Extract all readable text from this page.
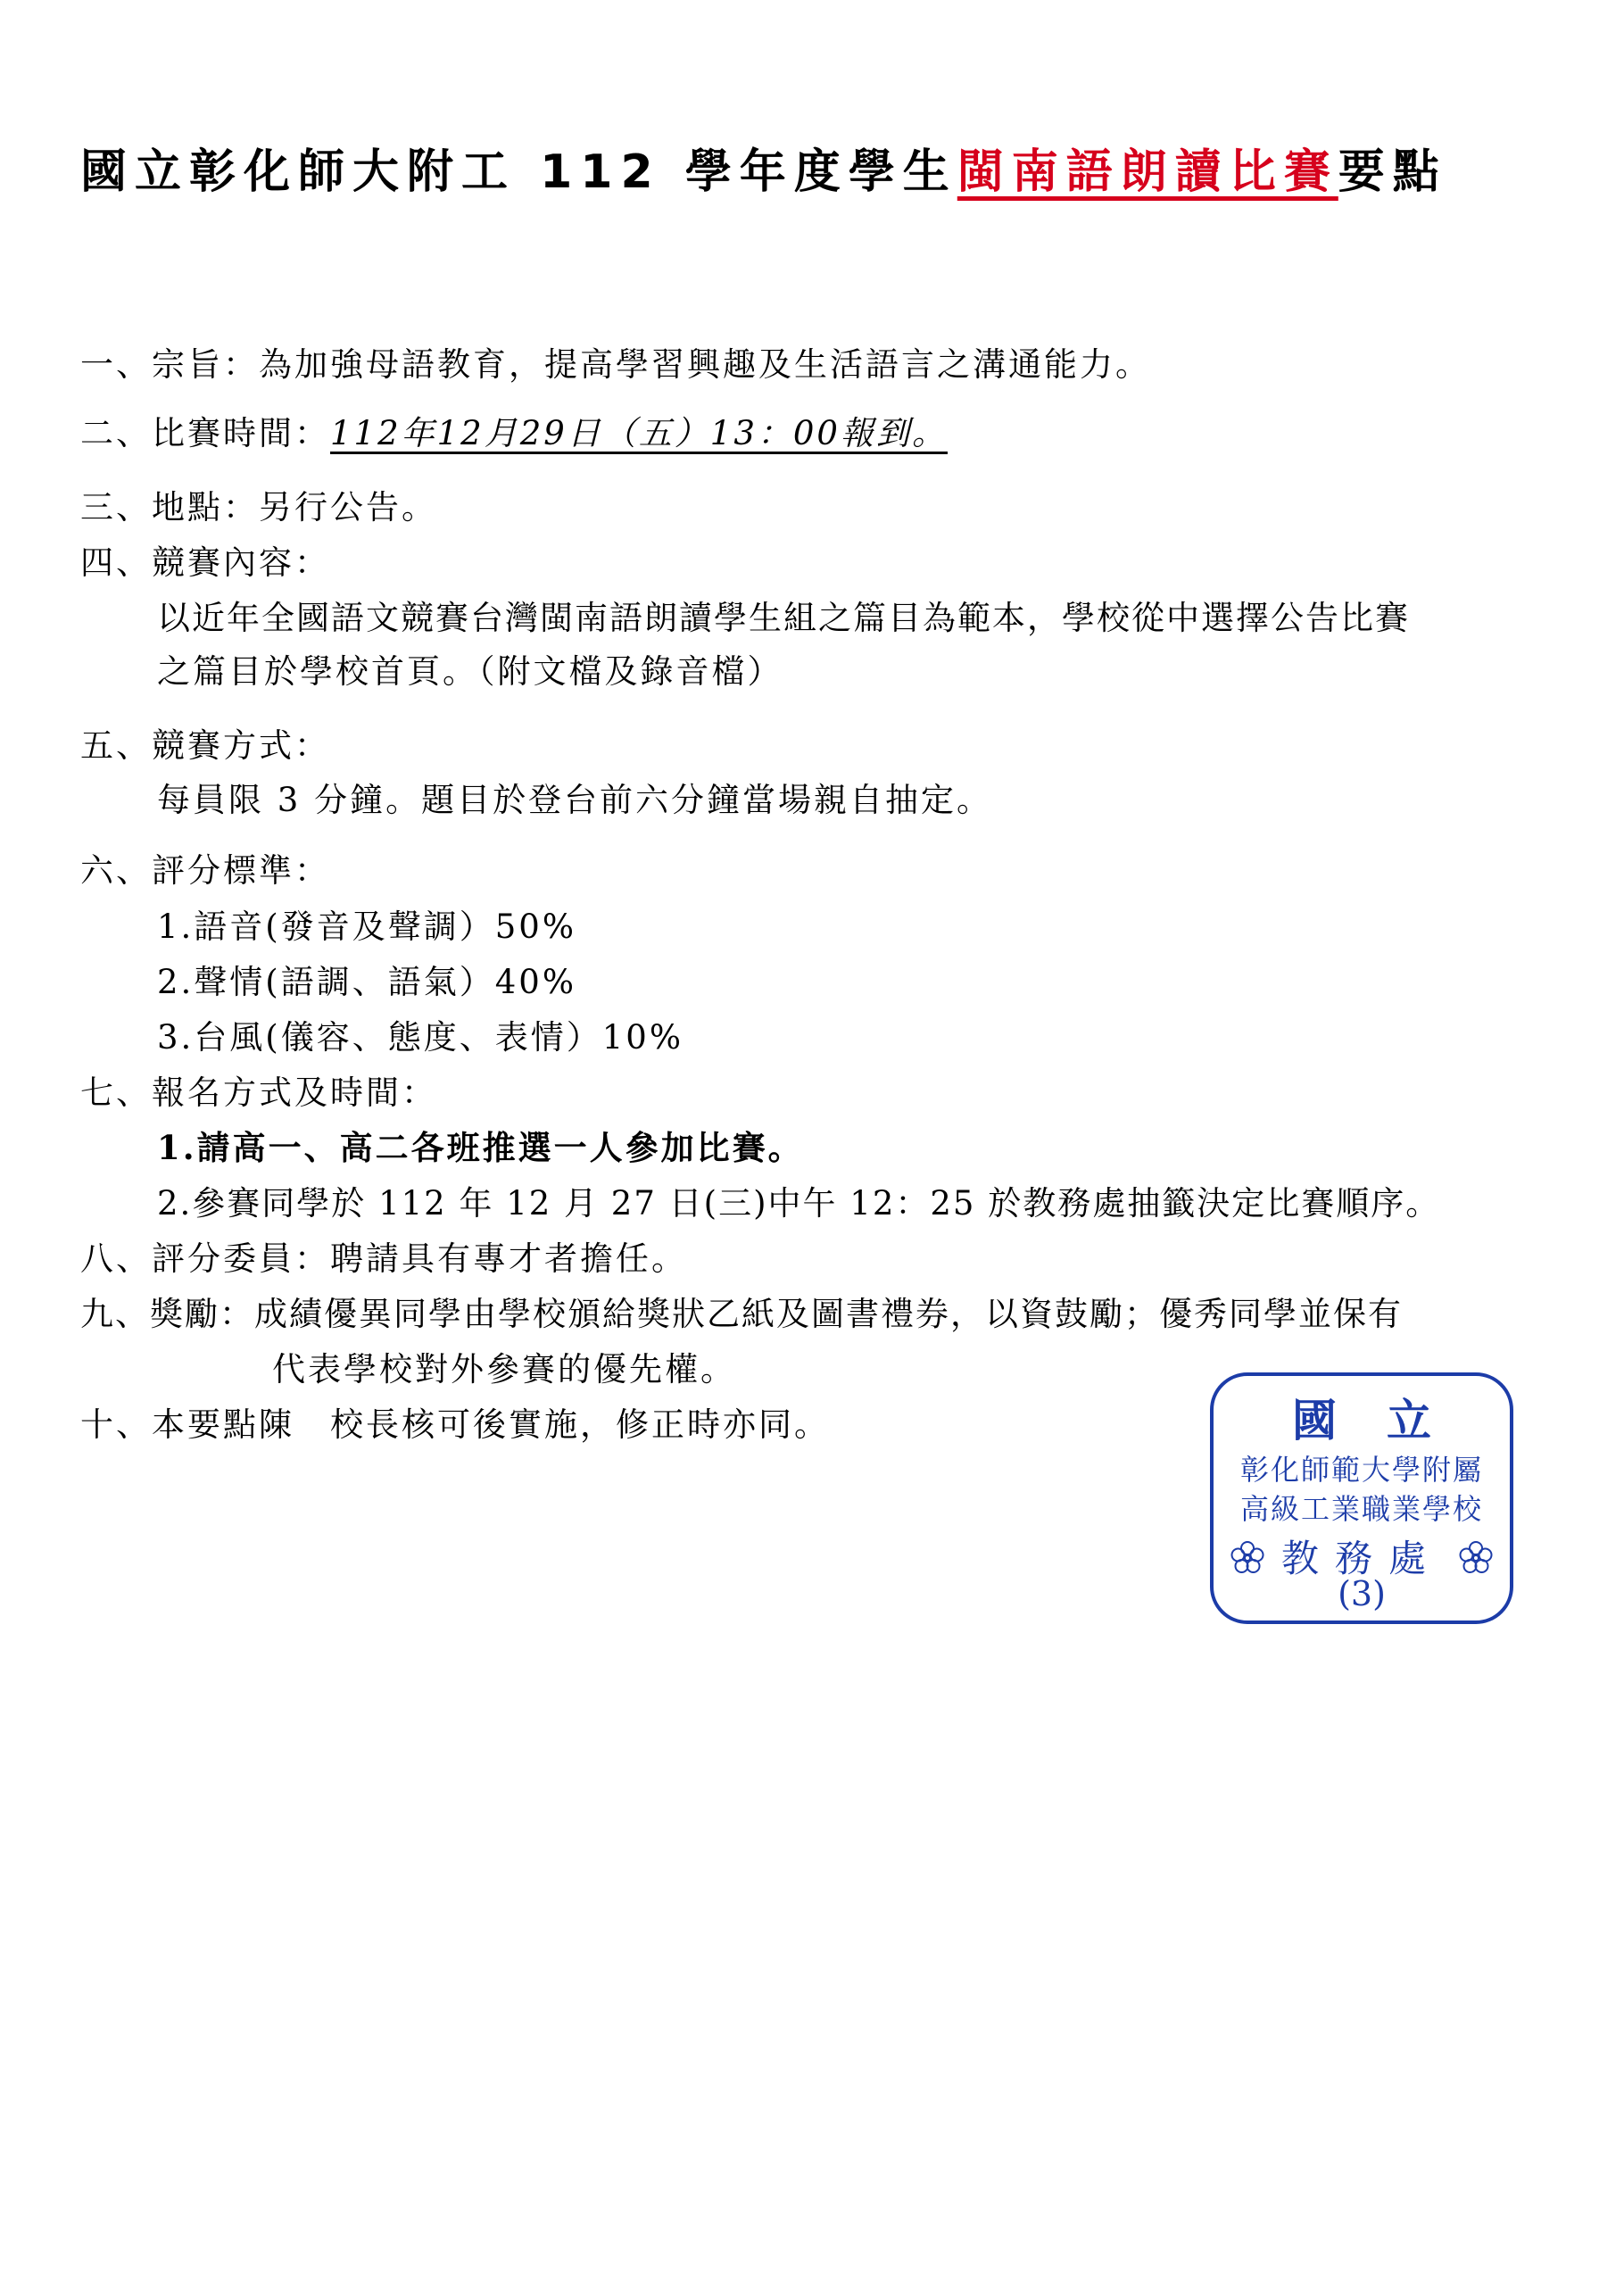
國立彰化師大附工 112 學年度學生閩南語朗讀比賽要點
一、宗旨：為加強母語教育，提高學習興趣及生活語言之溝通能力。
二、比賽時間：112年12月29日（五）13：00報到。
三、地點：另行公告。
四、競賽內容：
以近年全國語文競賽台灣閩南語朗讀學生組之篇目為範本，學校從中選擇公告比賽
之篇目於學校首頁。（附文檔及錄音檔）
五、競賽方式：
每員限 3 分鐘。題目於登台前六分鐘當場親自抽定。
六、評分標準：
1.語音(發音及聲調）50%
2.聲情(語調、語氣）40%
3.台風(儀容、態度、表情）10%
七、報名方式及時間：
1.請高一、高二各班推選一人參加比賽。
2.參賽同學於 112 年 12 月 27 日(三)中午 12：25 於教務處抽籤決定比賽順序。
八、評分委員：聘請具有專才者擔任。
九、獎勵：成績優異同學由學校頒給獎狀乙紙及圖書禮券，以資鼓勵；優秀同學並保有
代表學校對外參賽的優先權。
十、本要點陳　校長核可後實施，修正時亦同。	國立
彰化師範大學附屬
高級工業職業學校
教務處
(3)
